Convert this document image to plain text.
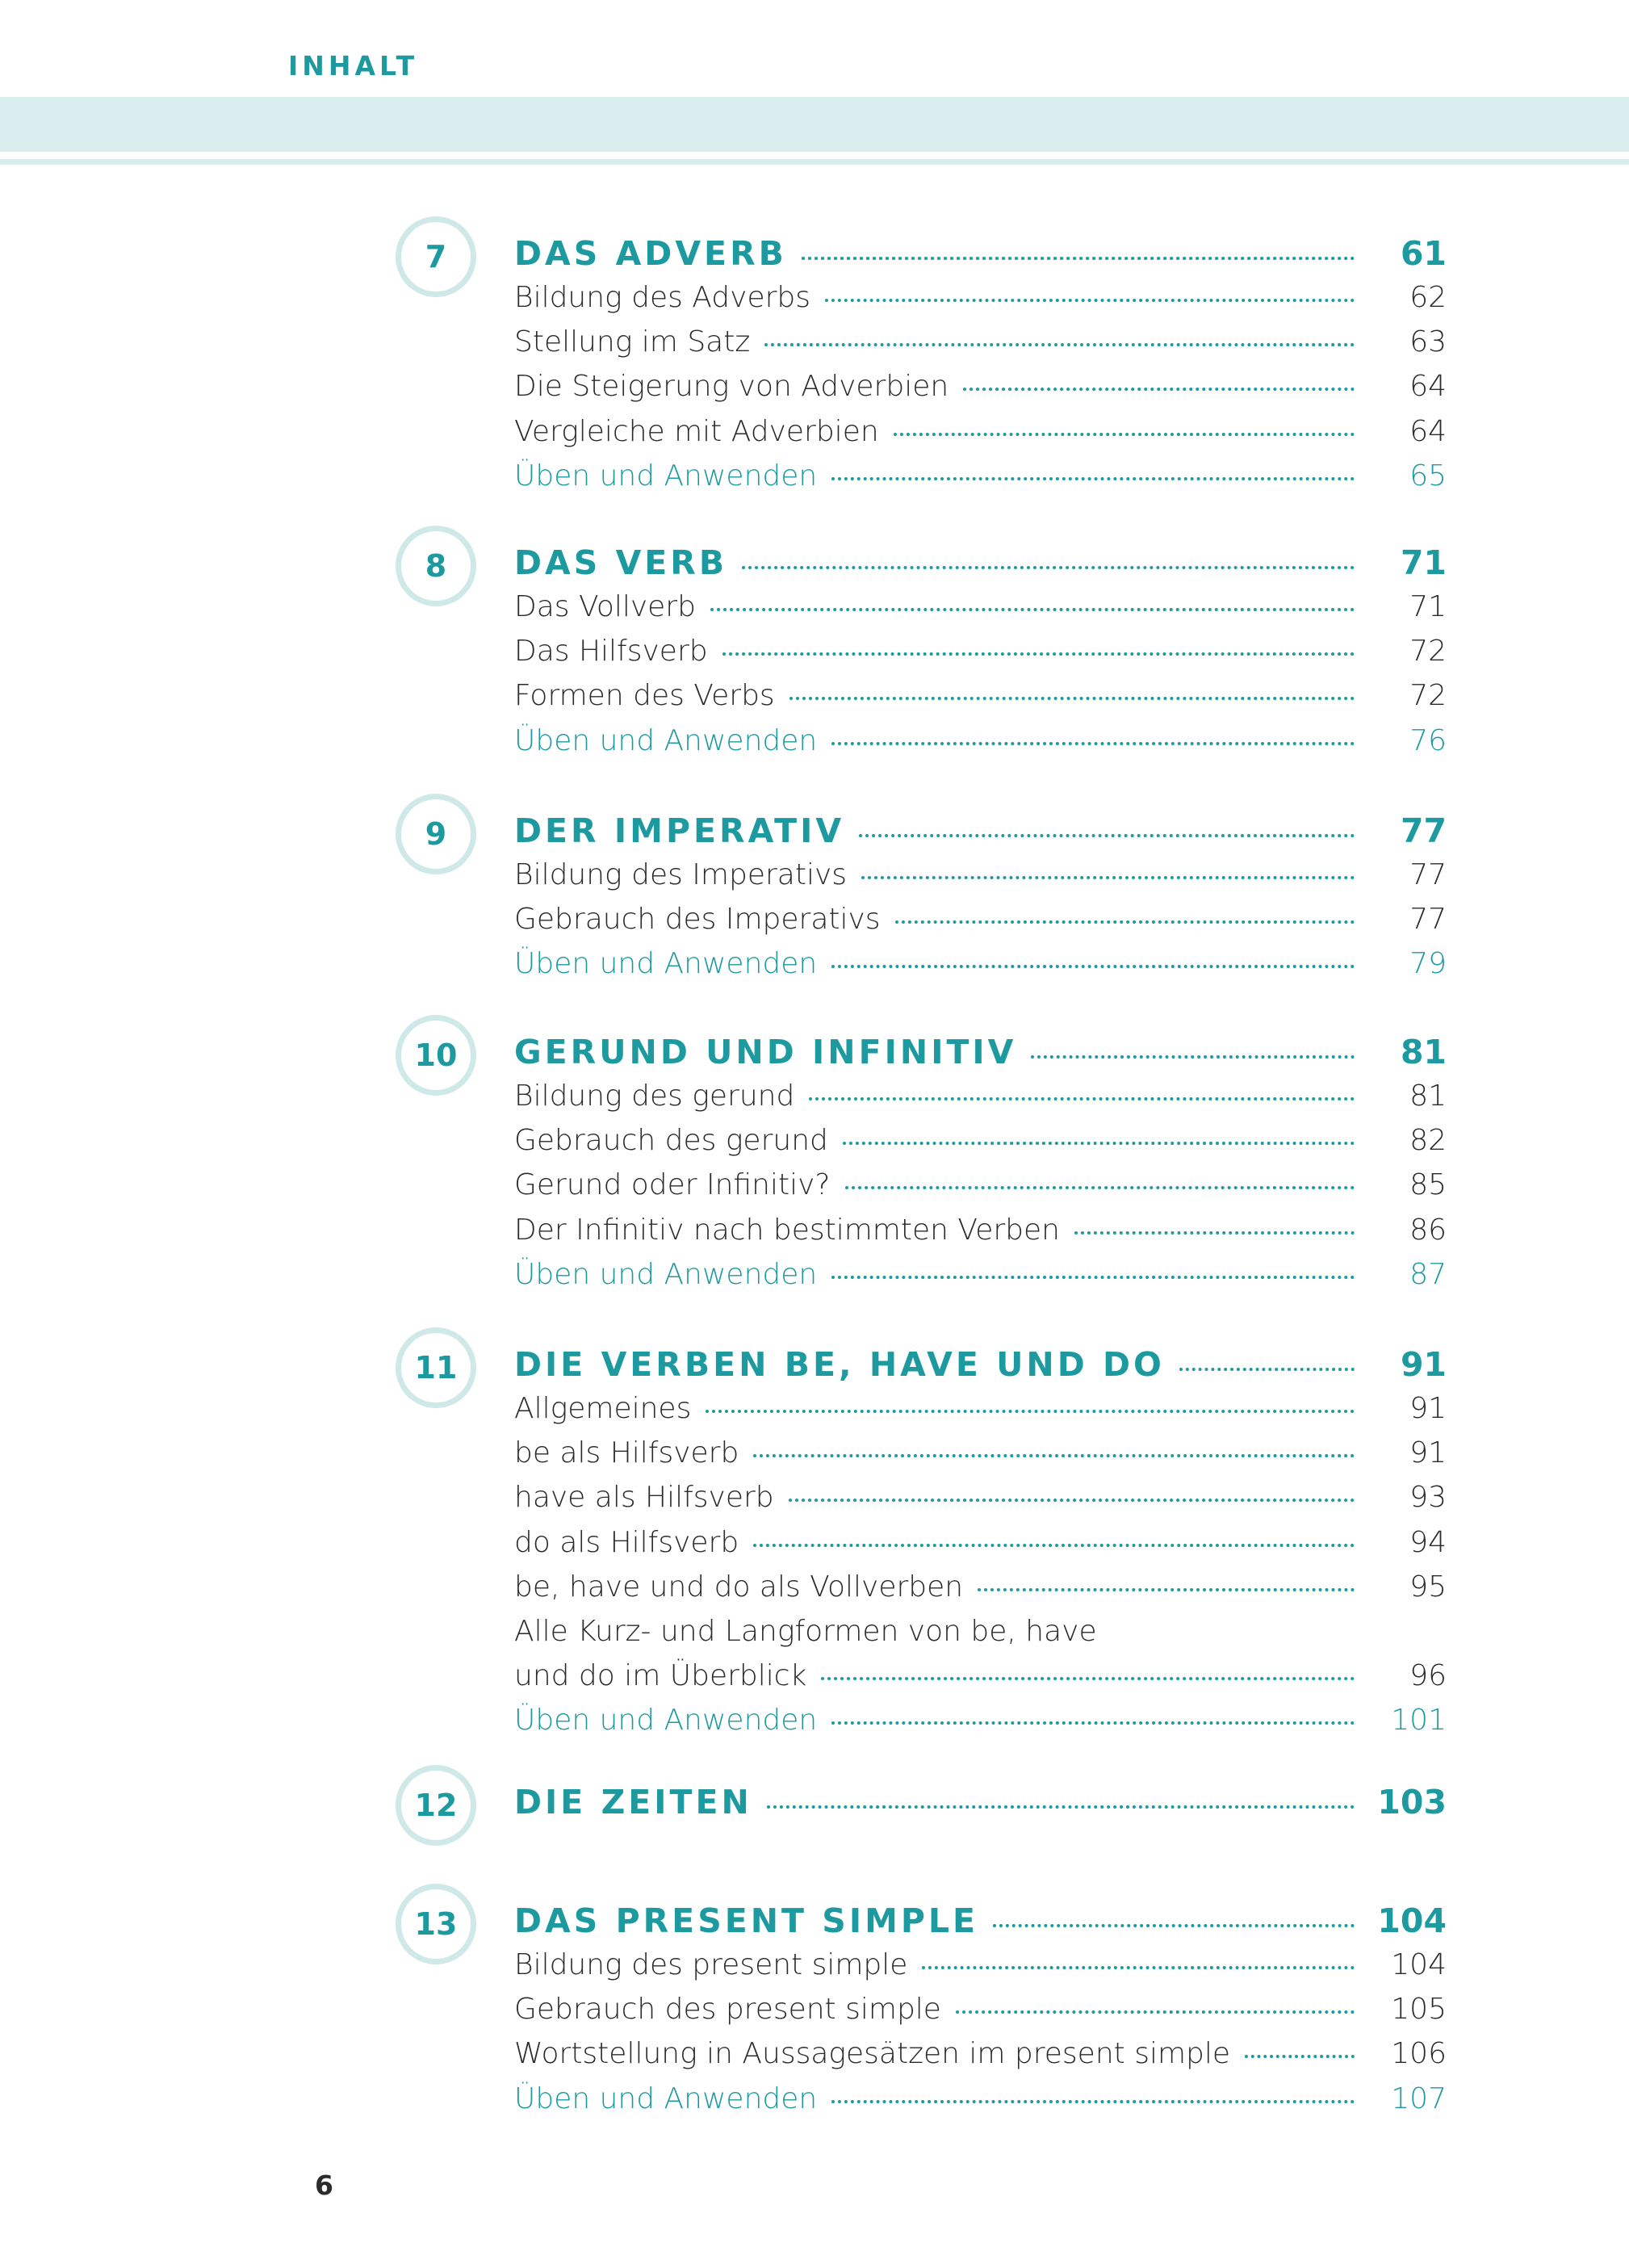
INHALT
7	DAS ADVERB	61
Bildung des Adverbs	62
Stellung im Satz	63
Die Steigerung von Adverbien	64
Vergleiche mit Adverbien	64
Üben und Anwenden	65
8	DAS VERB	71
Das Vollverb	71
Das Hilfsverb	72
Formen des Verbs	72
Üben und Anwenden	76
9	DER IMPERATIV	77
Bildung des Imperativs	77
Gebrauch des Imperativs	77
Üben und Anwenden	79
10	GERUND UND INFINITIV	81
Bildung des gerund	81
Gebrauch des gerund	82
Gerund oder Infinitiv?	85
Der Infinitiv nach bestimmten Verben	86
Üben und Anwenden	87
11	DIE VERBEN BE, HAVE UND DO	91
Allgemeines	91
be als Hilfsverb	91
have als Hilfsverb	93
do als Hilfsverb	94
be, have und do als Vollverben	95
Alle Kurz- und Langformen von be, have
und do im Überblick	96
Üben und Anwenden	101
12	DIE ZEITEN	103
13	DAS PRESENT SIMPLE	104
Bildung des present simple	104
Gebrauch des present simple	105
Wortstellung in Aussagesätzen im present simple	106
Üben und Anwenden	107
6
